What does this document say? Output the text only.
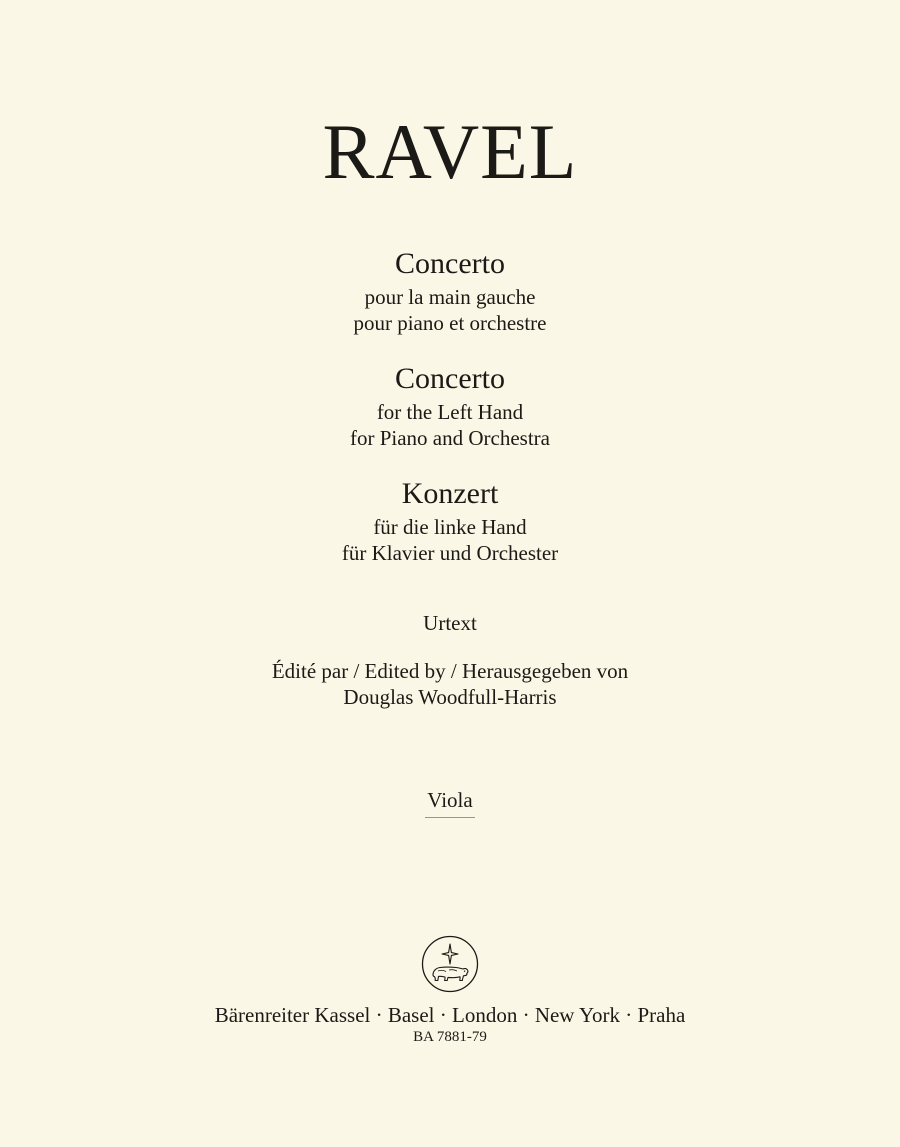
RAVEL
Concerto
pour la main gauche
pour piano et orchestre
Concerto
for the Left Hand
for Piano and Orchestra
Konzert
für die linke Hand
für Klavier und Orchester
Urtext
Édité par / Edited by / Herausgegeben von
Douglas Woodfull-Harris
Viola
Bärenreiter Kassel · Basel · London · New York · Praha
BA 7881-79
